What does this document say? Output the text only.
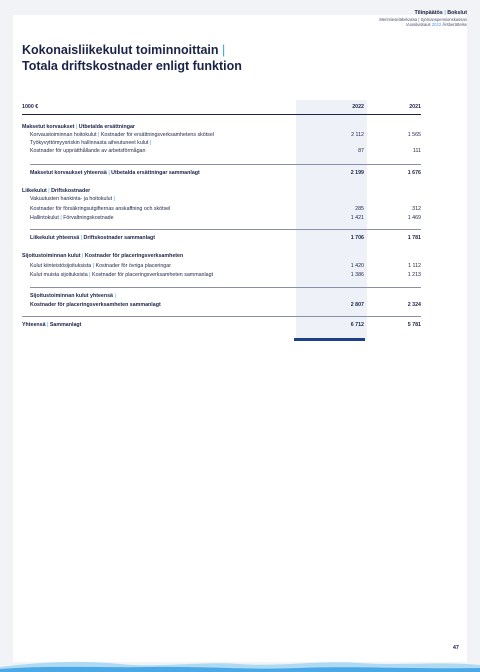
Tilinpäätös | Bokslut
Merimieseläkekassa | Sjömanspensionskassan
Vuosikatsaus 2022 Årsberättelse
Kokonaisliikekulut toiminnoittain |
Totala driftskostnader enligt funktion
1000 €	2022	2021
Maksetut korvaukset | Utbetalda ersättningar
Korvaustoiminnan hoitokulut | Kostnader för ersättningsverksamhetens skötsel	2 112	1 565
Työkyvyttömyysriskin hallinnasta aiheutuneet kulut |
Kostnader för upprätthållande av arbetsförmågan	87	111
Maksetut korvaukset yhteensä | Utbetalda ersättningar sammanlagt	2 199	1 676
Liikekulut | Driftskostnader
Vakuutusten hankinta- ja hoitokulut |
Kostnader för försäkringsutgifternas anskaffning och skötsel	285	312
Hallintokulut | Förvaltningskostnade	1 421	1 469
Liikekulut yhteensä | Driftskostnader sammanlagt	1 706	1 781
Sijoitustoiminnan kulut | Kostnader för placeringsverksamheten
Kulut kiinteistösijoituksista | Kostnader för övriga placeringar	1 420	1 112
Kulut muista sijoituksista | Kostnader för placeringsverksamheten sammanlagt	1 386	1 213
Sijoitustoiminnan kulut yhteensä |
Kostnader för placeringsverksamheten sammanlagt	2 807	2 324
Yhteensä | Sammanlagt	6 712	5 781
47
